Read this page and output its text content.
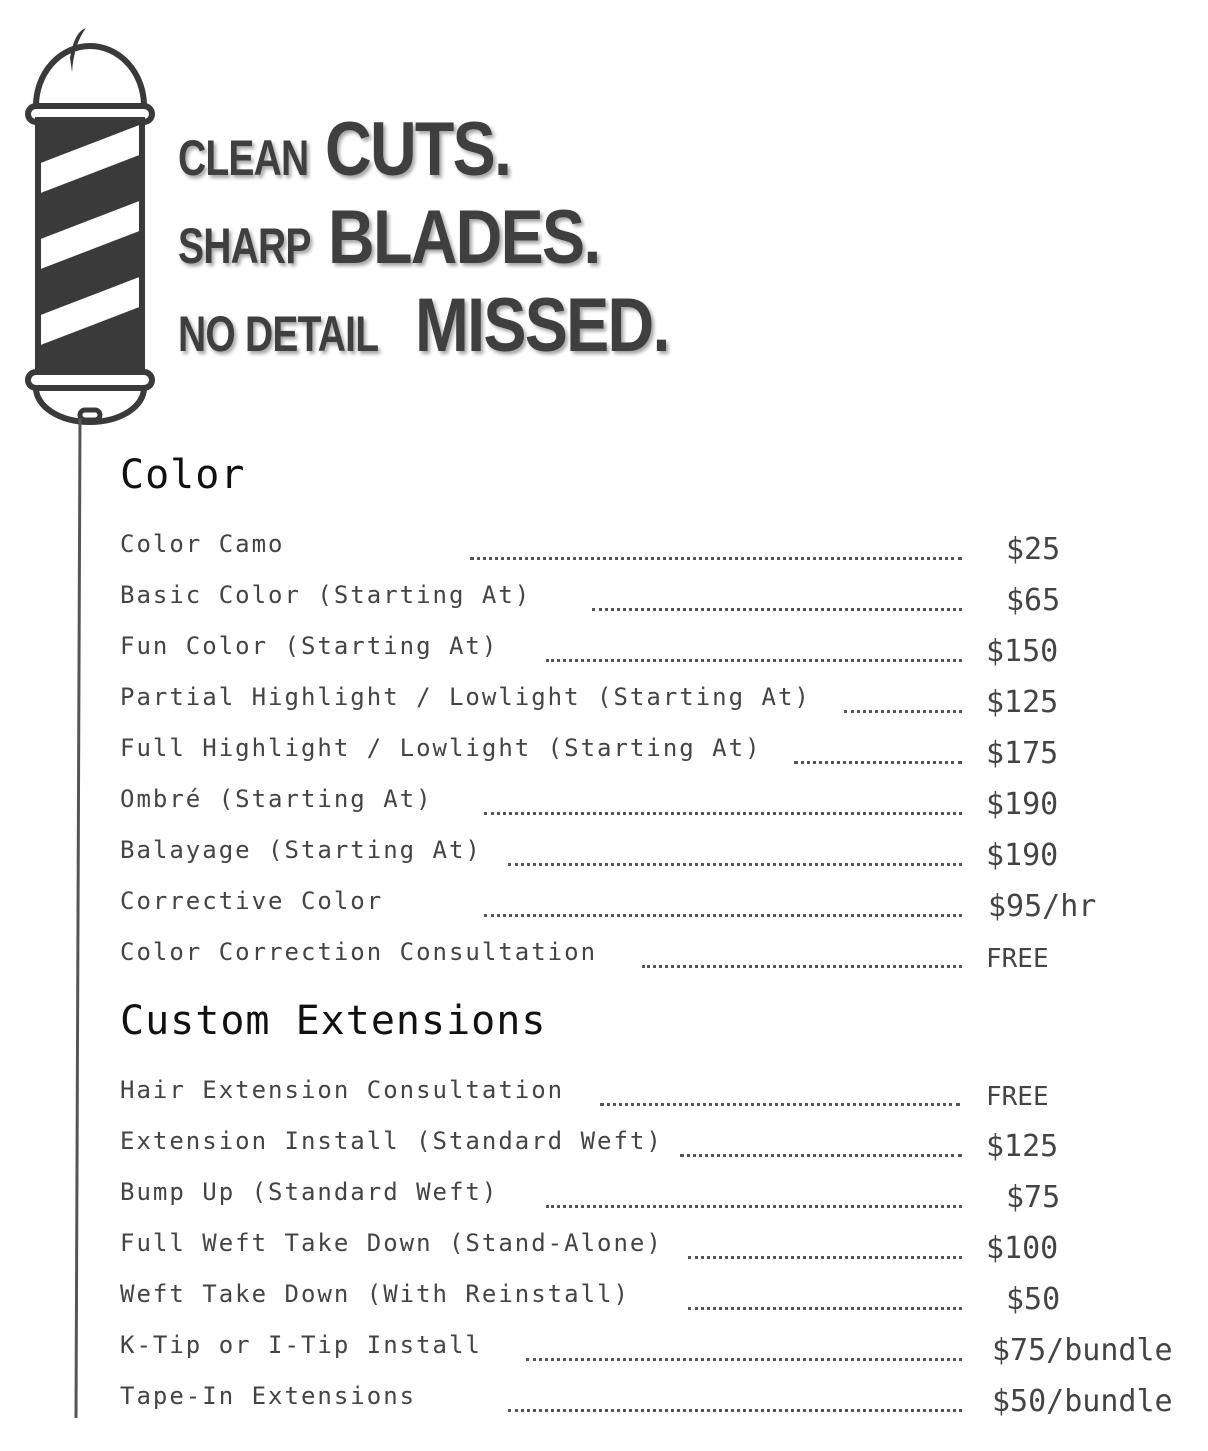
CLEAN CUTS.
SHARP BLADES.
NO DETAIL MISSED.
Color
Color Camo	$25
Basic Color (Starting At)	$65
Fun Color (Starting At)	$150
Partial Highlight / Lowlight (Starting At)	$125
Full Highlight / Lowlight (Starting At)	$175
Ombré (Starting At)	$190
Balayage (Starting At)	$190
Corrective Color	$95/hr
Color Correction Consultation	FREE
Custom Extensions
Hair Extension Consultation	FREE
Extension Install (Standard Weft)	$125
Bump Up (Standard Weft)	$75
Full Weft Take Down (Stand-Alone)	$100
Weft Take Down (With Reinstall)	$50
K-Tip or I-Tip Install	$75/bundle
Tape-In Extensions	$50/bundle
